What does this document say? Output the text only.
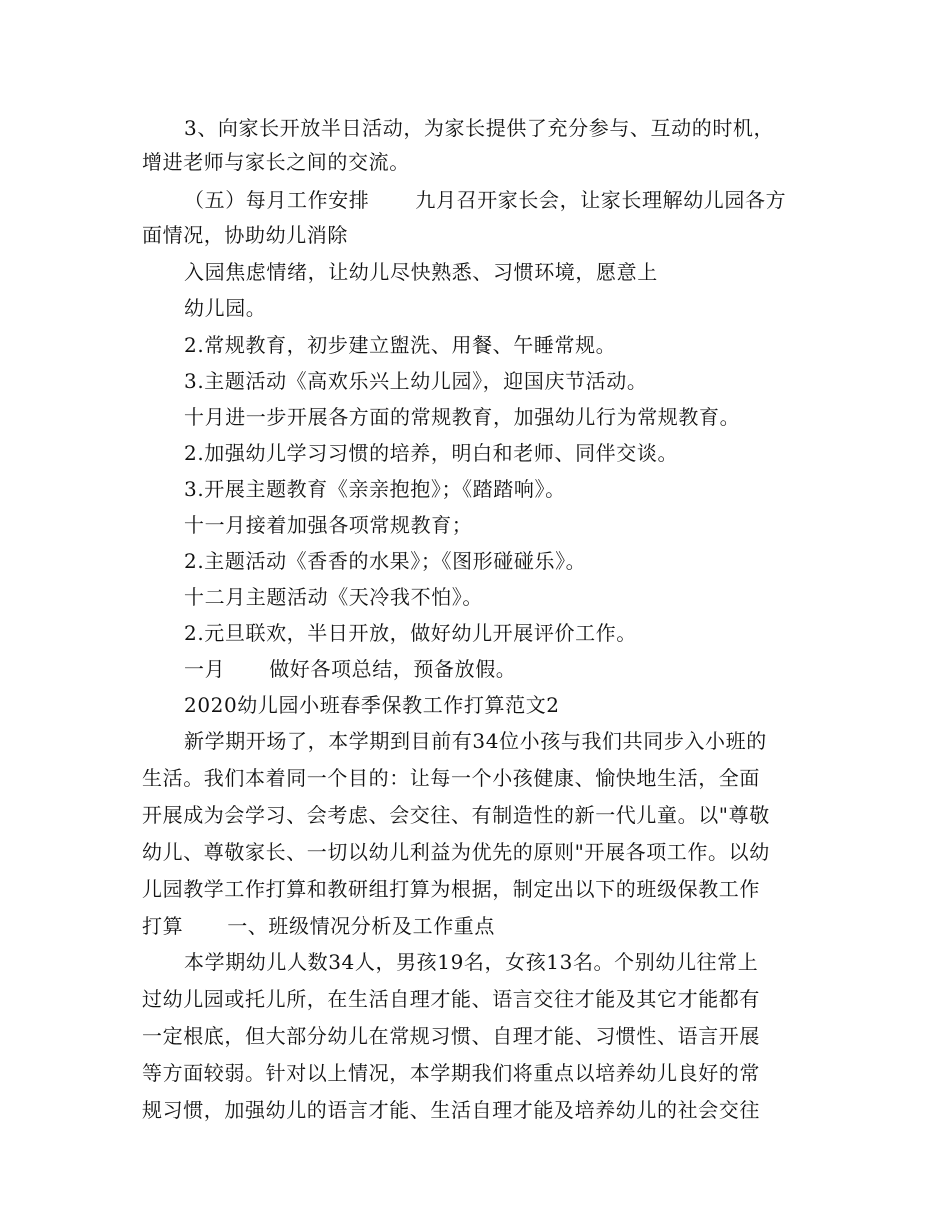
3、向家长开放半日活动，为家长提供了充分参与、互动的时机，
增进老师与家长之间的交流。
（五）每月工作安排 九月召开家长会，让家长理解幼儿园各方
面情况，协助幼儿消除
入园焦虑情绪，让幼儿尽快熟悉、习惯环境，愿意上
幼儿园。
2.常规教育，初步建立盥洗、用餐、午睡常规。
3.主题活动《高欢乐兴上幼儿园》，迎国庆节活动。
十月进一步开展各方面的常规教育，加强幼儿行为常规教育。
2.加强幼儿学习习惯的培养，明白和老师、同伴交谈。
3.开展主题教育《亲亲抱抱》；《踏踏响》。
十一月接着加强各项常规教育；
2.主题活动《香香的水果》；《图形碰碰乐》。
十二月主题活动《天冷我不怕》。
2.元旦联欢，半日开放，做好幼儿开展评价工作。
一月 做好各项总结，预备放假。
2020幼儿园小班春季保教工作打算范文2
新学期开场了，本学期到目前有34位小孩与我们共同步入小班的
生活。我们本着同一个目的：让每一个小孩健康、愉快地生活，全面
开展成为会学习、会考虑、会交往、有制造性的新一代儿童。以"尊敬
幼儿、尊敬家长、一切以幼儿利益为优先的原则"开展各项工作。以幼
儿园教学工作打算和教研组打算为根据，制定出以下的班级保教工作
打算 一、班级情况分析及工作重点
本学期幼儿人数34人，男孩19名，女孩13名。个别幼儿往常上
过幼儿园或托儿所，在生活自理才能、语言交往才能及其它才能都有
一定根底，但大部分幼儿在常规习惯、自理才能、习惯性、语言开展
等方面较弱。针对以上情况，本学期我们将重点以培养幼儿良好的常
规习惯，加强幼儿的语言才能、生活自理才能及培养幼儿的社会交往
